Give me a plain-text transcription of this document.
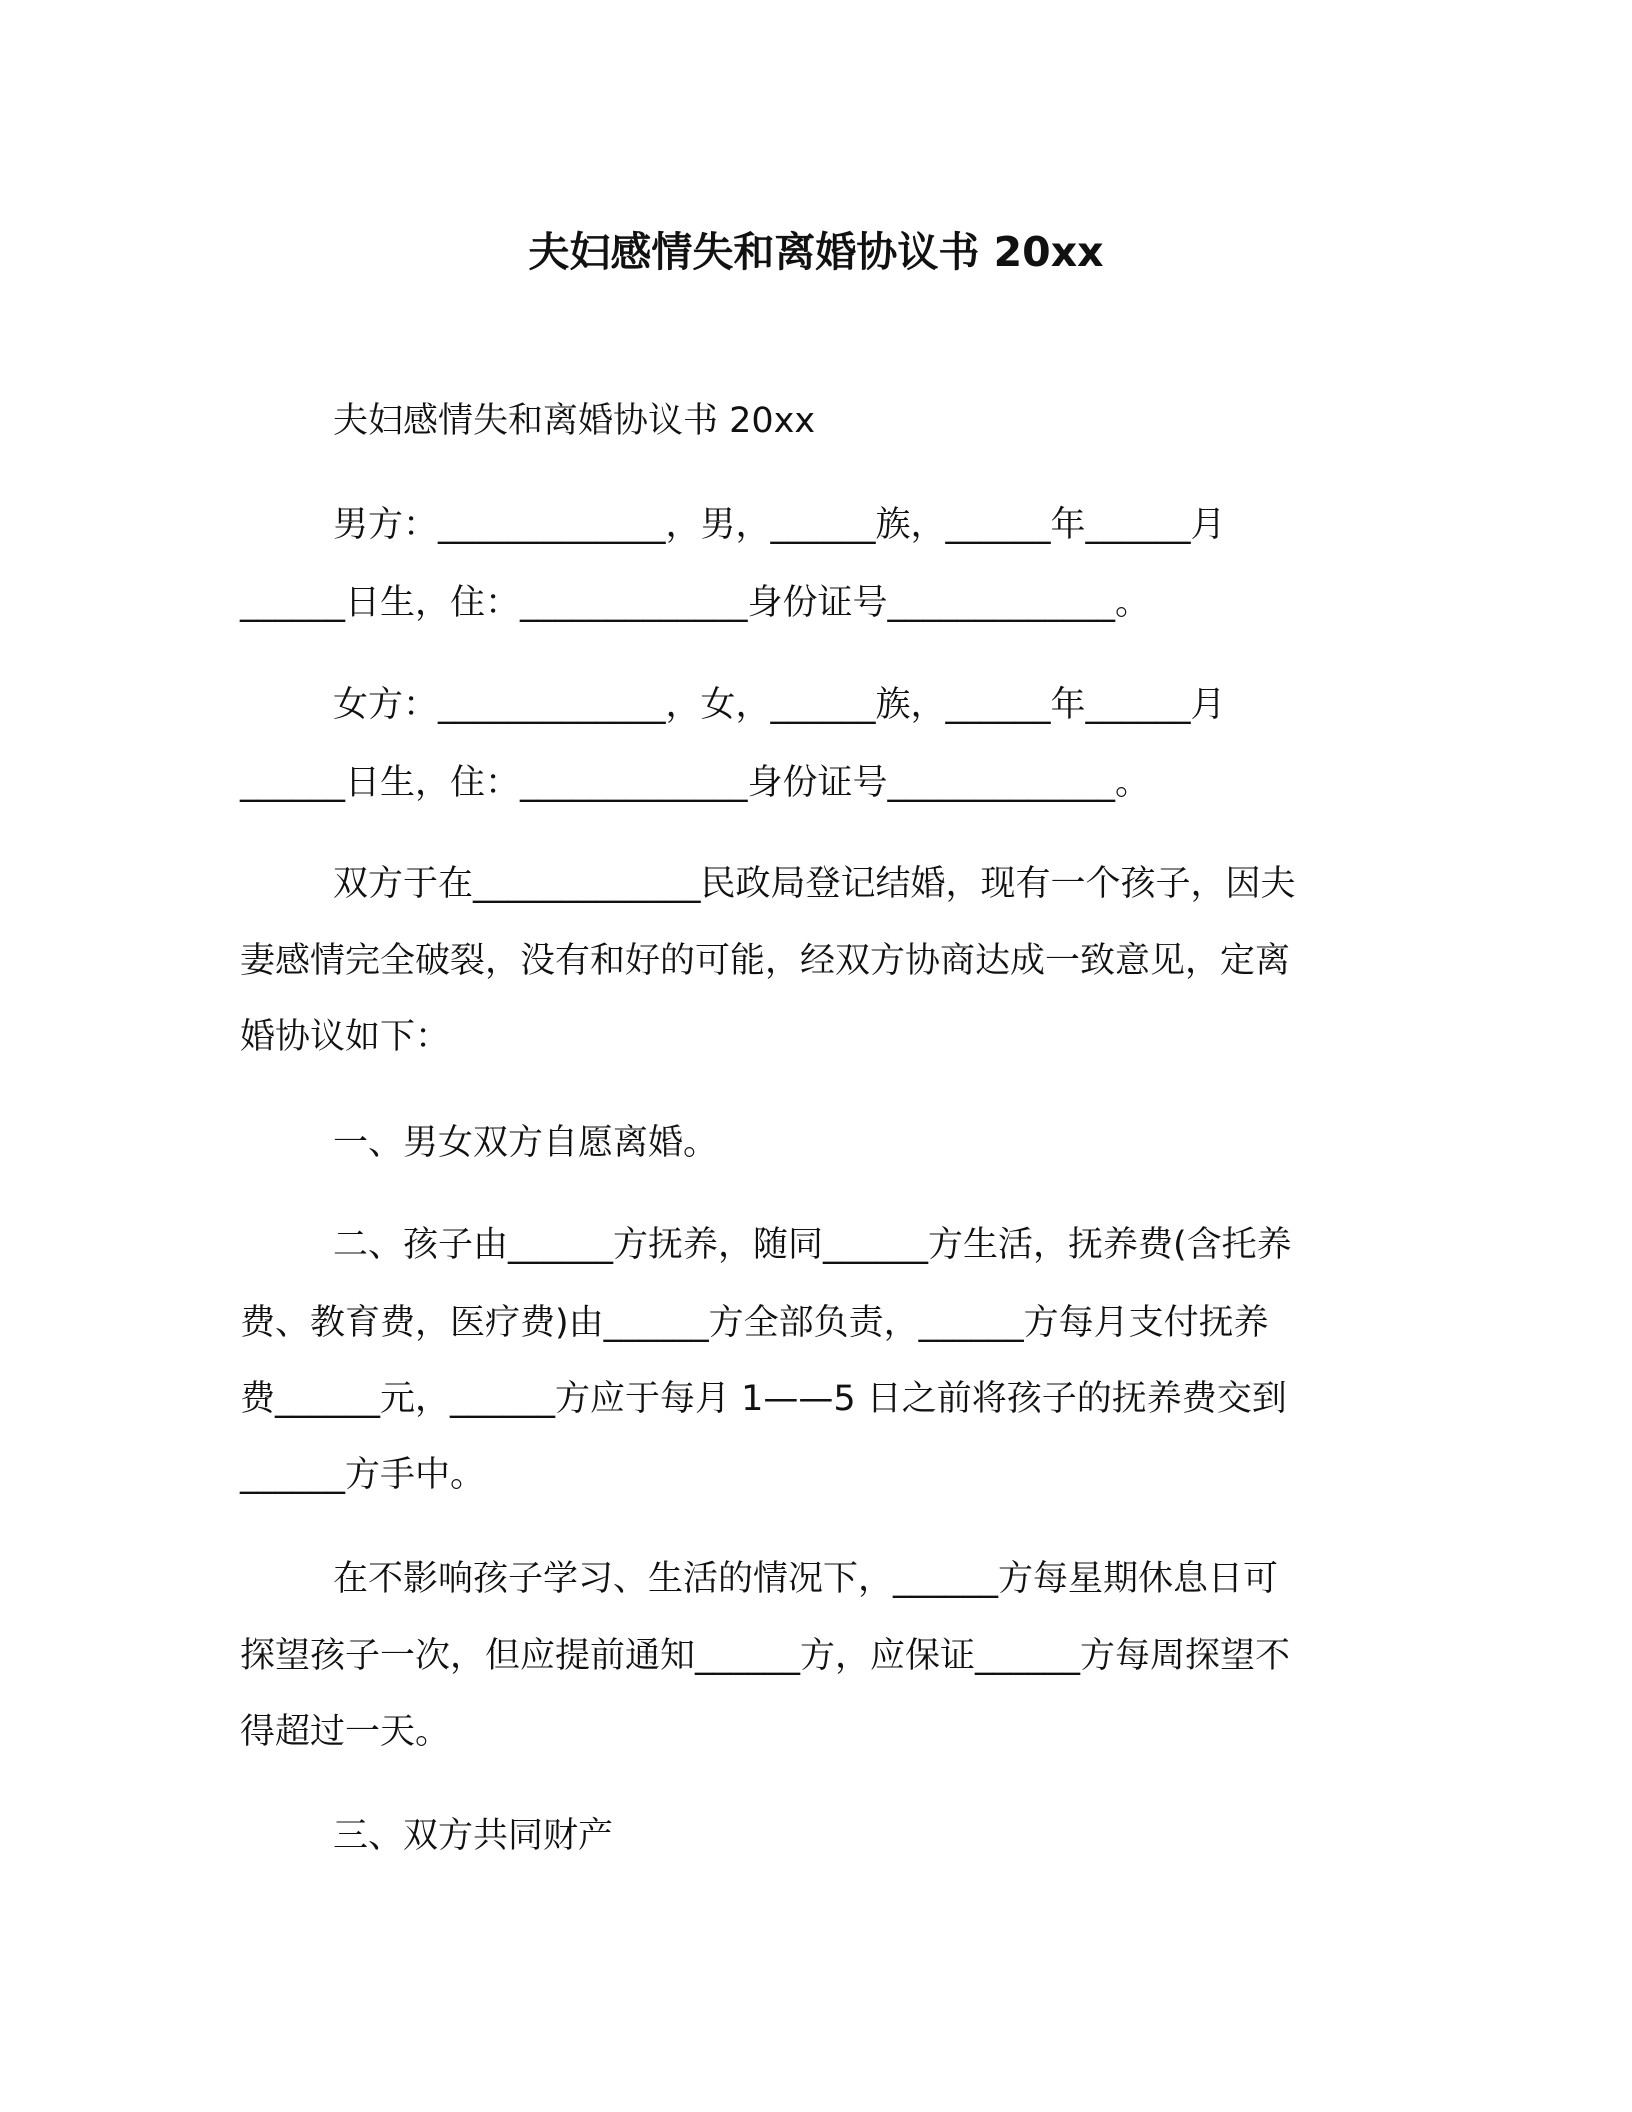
夫妇感情失和离婚协议书 20xx
夫妇感情失和离婚协议书 20xx
男方：_____________，男，______族，______年______月
______日生，住：_____________身份证号_____________。
女方：_____________，女，______族，______年______月
______日生，住：_____________身份证号_____________。
双方于在_____________民政局登记结婚，现有一个孩子，因夫
妻感情完全破裂，没有和好的可能，经双方协商达成一致意见，定离
婚协议如下：
一、男女双方自愿离婚。
二、孩子由______方抚养，随同______方生活，抚养费(含托养
费、教育费，医疗费)由______方全部负责，______方每月支付抚养
费______元，______方应于每月 1——5 日之前将孩子的抚养费交到
______方手中。
在不影响孩子学习、生活的情况下，______方每星期休息日可
探望孩子一次，但应提前通知______方，应保证______方每周探望不
得超过一天。
三、双方共同财产
